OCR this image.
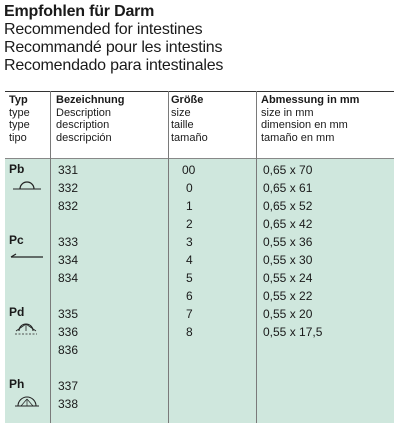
Empfohlen für Darm
Recommended for intestines
Recommandé pour les intestins
Recomendado para intestinales
Typ
type
type
tipo
Bezeichnung
Description
description
descripción
Größe
size
taille
tamaño
Abmessung in mm
size in mm
dimension en mm
tamaño en mm
Pb
Pc
Pd
Ph
331
332
832
333
334
834
335
336
836
337
338
00
0
1
2
3
4
5
6
7
8
0,65 x 70
0,65 x 61
0,65 x 52
0,65 x 42
0,55 x 36
0,55 x 30
0,55 x 24
0,55 x 22
0,55 x 20
0,55 x 17,5
